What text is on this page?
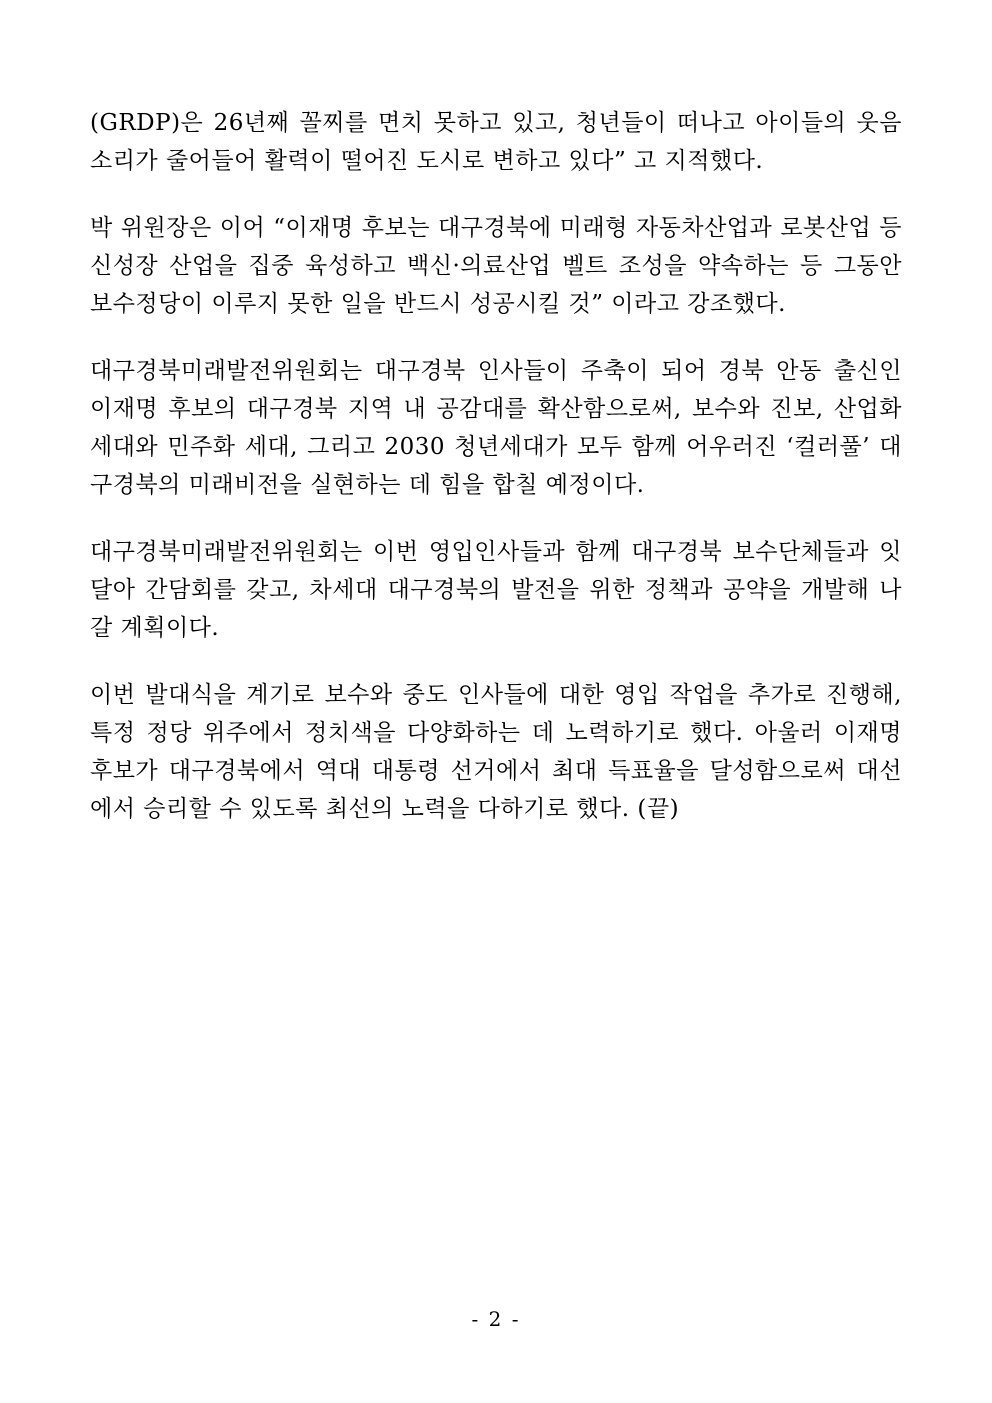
(GRDP)은 26년째 꼴찌를 면치 못하고 있고, 청년들이 떠나고 아이들의 웃음소리가 줄어들어 활력이 떨어진 도시로 변하고 있다” 고 지적했다.

박 위원장은 이어 “이재명 후보는 대구경북에 미래형 자동차산업과 로봇산업 등 신성장 산업을 집중 육성하고 백신·의료산업 벨트 조성을 약속하는 등 그동안 보수정당이 이루지 못한 일을 반드시 성공시킬 것” 이라고 강조했다.

대구경북미래발전위원회는 대구경북 인사들이 주축이 되어 경북 안동 출신인 이재명 후보의 대구경북 지역 내 공감대를 확산함으로써, 보수와 진보, 산업화 세대와 민주화 세대, 그리고 2030 청년세대가 모두 함께 어우러진 ‘컬러풀’ 대구경북의 미래비전을 실현하는 데 힘을 합칠 예정이다.

대구경북미래발전위원회는 이번 영입인사들과 함께 대구경북 보수단체들과 잇달아 간담회를 갖고, 차세대 대구경북의 발전을 위한 정책과 공약을 개발해 나갈 계획이다.

이번 발대식을 계기로 보수와 중도 인사들에 대한 영입 작업을 추가로 진행해, 특정 정당 위주에서 정치색을 다양화하는 데 노력하기로 했다. 아울러 이재명 후보가 대구경북에서 역대 대통령 선거에서 최대 득표율을 달성함으로써 대선에서 승리할 수 있도록 최선의 노력을 다하기로 했다. (끝)

- 2 -
